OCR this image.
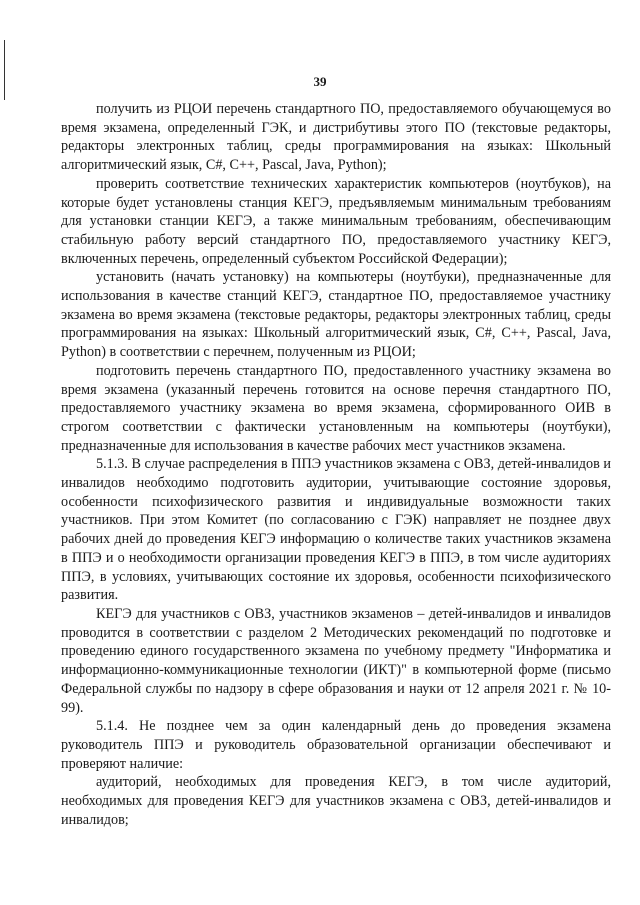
39

получить из РЦОИ перечень стандартного ПО, предоставляемого обучающемуся во время экзамена, определенный ГЭК, и дистрибутивы этого ПО (текстовые редакторы, редакторы электронных таблиц, среды программирования на языках: Школьный алгоритмический язык, C#, C++, Pascal, Java, Python);

проверить соответствие технических характеристик компьютеров (ноутбуков), на которые будет установлены станция КЕГЭ, предъявляемым минимальным требованиям для установки станции КЕГЭ, а также минимальным требованиям, обеспечивающим стабильную работу версий стандартного ПО, предоставляемого участнику КЕГЭ, включенных перечень, определенный субъектом Российской Федерации);

установить (начать установку) на компьютеры (ноутбуки), предназначенные для использования в качестве станций КЕГЭ, стандартное ПО, предоставляемое участнику экзамена во время экзамена (текстовые редакторы, редакторы электронных таблиц, среды программирования на языках: Школьный алгоритмический язык, C#, C++, Pascal, Java, Python) в соответствии с перечнем, полученным из РЦОИ;

подготовить перечень стандартного ПО, предоставленного участнику экзамена во время экзамена (указанный перечень готовится на основе перечня стандартного ПО, предоставляемого участнику экзамена во время экзамена, сформированного ОИВ в строгом соответствии с фактически установленным на компьютеры (ноутбуки), предназначенные для использования в качестве рабочих мест участников экзамена.

5.1.3. В случае распределения в ППЭ участников экзамена с ОВЗ, детей-инвалидов и инвалидов необходимо подготовить аудитории, учитывающие состояние здоровья, особенности психофизического развития и индивидуальные возможности таких участников. При этом Комитет (по согласованию с ГЭК) направляет не позднее двух рабочих дней до проведения КЕГЭ информацию о количестве таких участников экзамена в ППЭ и о необходимости организации проведения КЕГЭ в ППЭ, в том числе аудиториях ППЭ, в условиях, учитывающих состояние их здоровья, особенности психофизического развития.

КЕГЭ для участников с ОВЗ, участников экзаменов – детей-инвалидов и инвалидов проводится в соответствии с разделом 2 Методических рекомендаций по подготовке и проведению единого государственного экзамена по учебному предмету "Информатика и информационно-коммуникационные технологии (ИКТ)" в компьютерной форме (письмо Федеральной службы по надзору в сфере образования и науки от 12 апреля 2021 г. № 10-99).

5.1.4. Не позднее чем за один календарный день до проведения экзамена руководитель ППЭ и руководитель образовательной организации обеспечивают и проверяют наличие:

аудиторий, необходимых для проведения КЕГЭ, в том числе аудиторий, необходимых для проведения КЕГЭ для участников экзамена с ОВЗ, детей-инвалидов и инвалидов;
